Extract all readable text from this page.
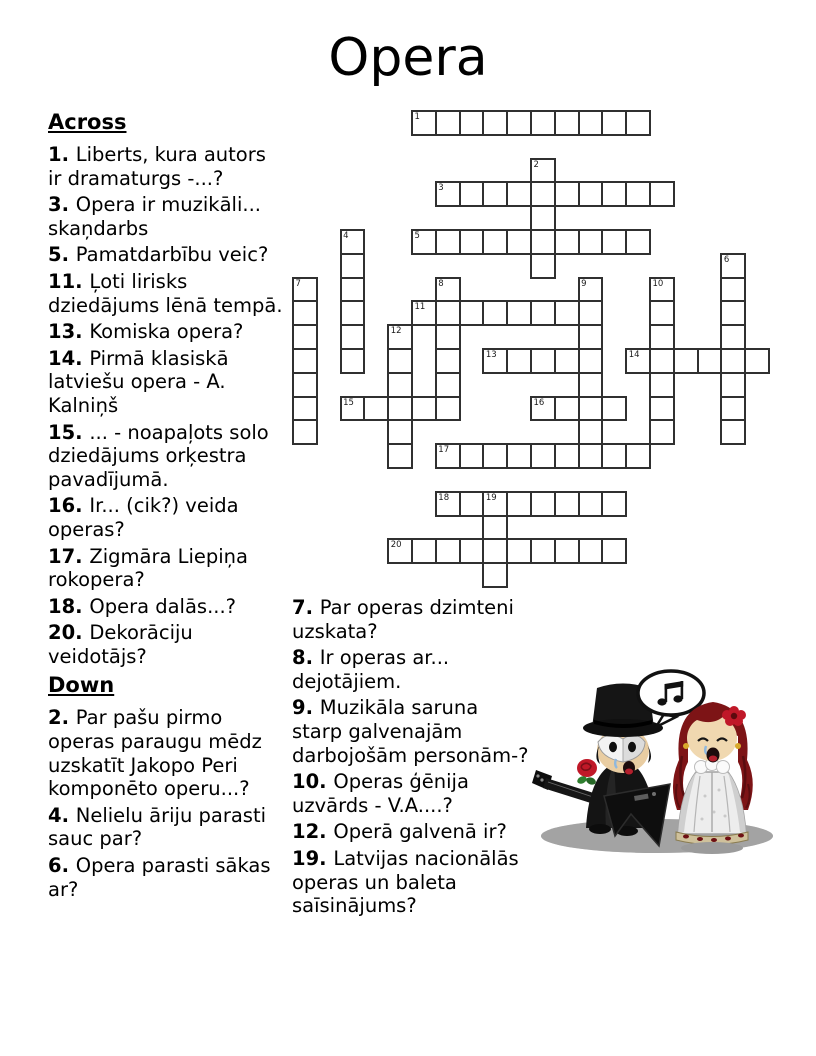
Opera
1
2
3
4	5
6
7	8	9	10
11
12
13	14
15	16
17
18	19
20
Across
1. Liberts, kura autors ir dramaturgs -...?
3. Opera ir muzikāli... skaņdarbs
5. Pamatdarbību veic?
11. Ļoti lirisks dziedājums lēnā tempā.
13. Komiska opera?
14. Pirmā klasiskā latviešu opera - A. Kalniņš
15. ... - noapaļots solo dziedājums orķestra pavadījumā.
16. Ir... (cik?) veida operas?
17. Zigmāra Liepiņa rokopera?
18. Opera dalās...?
20. Dekorāciju veidotājs?
Down
2. Par pašu pirmo operas paraugu mēdz uzskatīt Jakopo Peri komponēto operu...?
4. Nelielu āriju parasti sauc par?
6. Opera parasti sākas ar?
7. Par operas dzimteni uzskata?
8. Ir operas ar... dejotājiem.
9. Muzikāla saruna starp galvenajām darbojošām personām-?
10. Operas ģēnija uzvārds - V.A....?
12. Operā galvenā ir?
19. Latvijas nacionālās operas un baleta saīsinājums?
